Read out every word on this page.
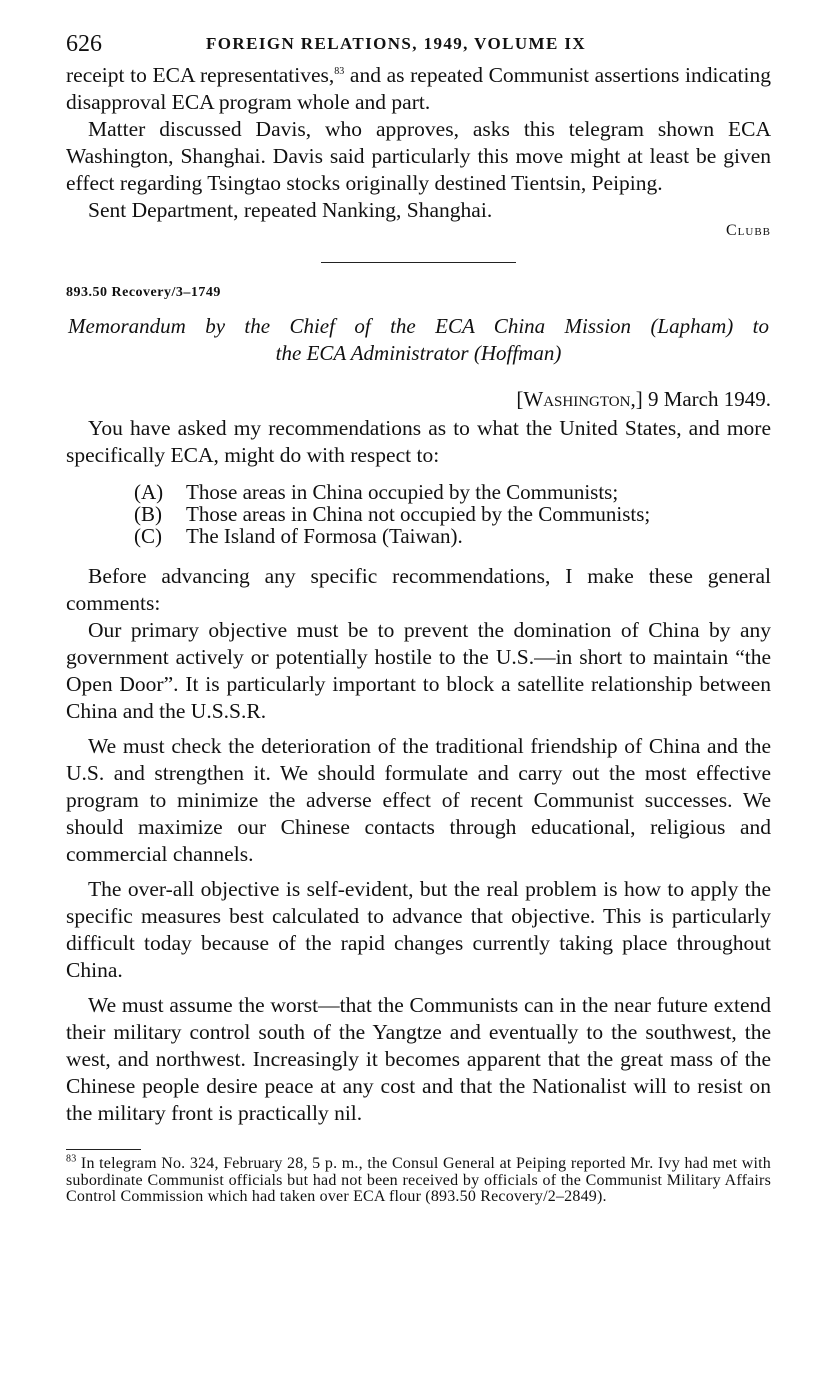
626	FOREIGN RELATIONS, 1949, VOLUME IX

receipt to ECA representatives,$^{83}$ and as repeated Communist assertions indicating disapproval ECA program whole and part.

Matter discussed Davis, who approves, asks this telegram shown ECA Washington, Shanghai. Davis said particularly this move might at least be given effect regarding Tsingtao stocks originally destined Tientsin, Peiping.

Sent Department, repeated Nanking, Shanghai.

Clubb
893.50 Recovery/3–1749
Memorandum by the Chief of the ECA China Mission (Lapham) to
the ECA Administrator (Hoffman)
[Washington,] 9 March 1949.

You have asked my recommendations as to what the United States, and more specifically ECA, might do with respect to:

(A) Those areas in China occupied by the Communists;
(B) Those areas in China not occupied by the Communists;
(C) The Island of Formosa (Taiwan).

Before advancing any specific recommendations, I make these general comments:

Our primary objective must be to prevent the domination of China by any government actively or potentially hostile to the U.S.—in short to maintain “the Open Door”. It is particularly important to block a satellite relationship between China and the U.S.S.R.

We must check the deterioration of the traditional friendship of China and the U.S. and strengthen it. We should formulate and carry out the most effective program to minimize the adverse effect of recent Communist successes. We should maximize our Chinese contacts through educational, religious and commercial channels.

The over-all objective is self-evident, but the real problem is how to apply the specific measures best calculated to advance that objective. This is particularly difficult today because of the rapid changes currently taking place throughout China.

We must assume the worst—that the Communists can in the near future extend their military control south of the Yangtze and eventually to the southwest, the west, and northwest. Increasingly it becomes apparent that the great mass of the Chinese people desire peace at any cost and that the Nationalist will to resist on the military front is practically nil.

$^{83}$ In telegram No. 324, February 28, 5 p. m., the Consul General at Peiping reported Mr. Ivy had met with subordinate Communist officials but had not been received by officials of the Communist Military Affairs Control Commission which had taken over ECA flour (893.50 Recovery/2–2849).
